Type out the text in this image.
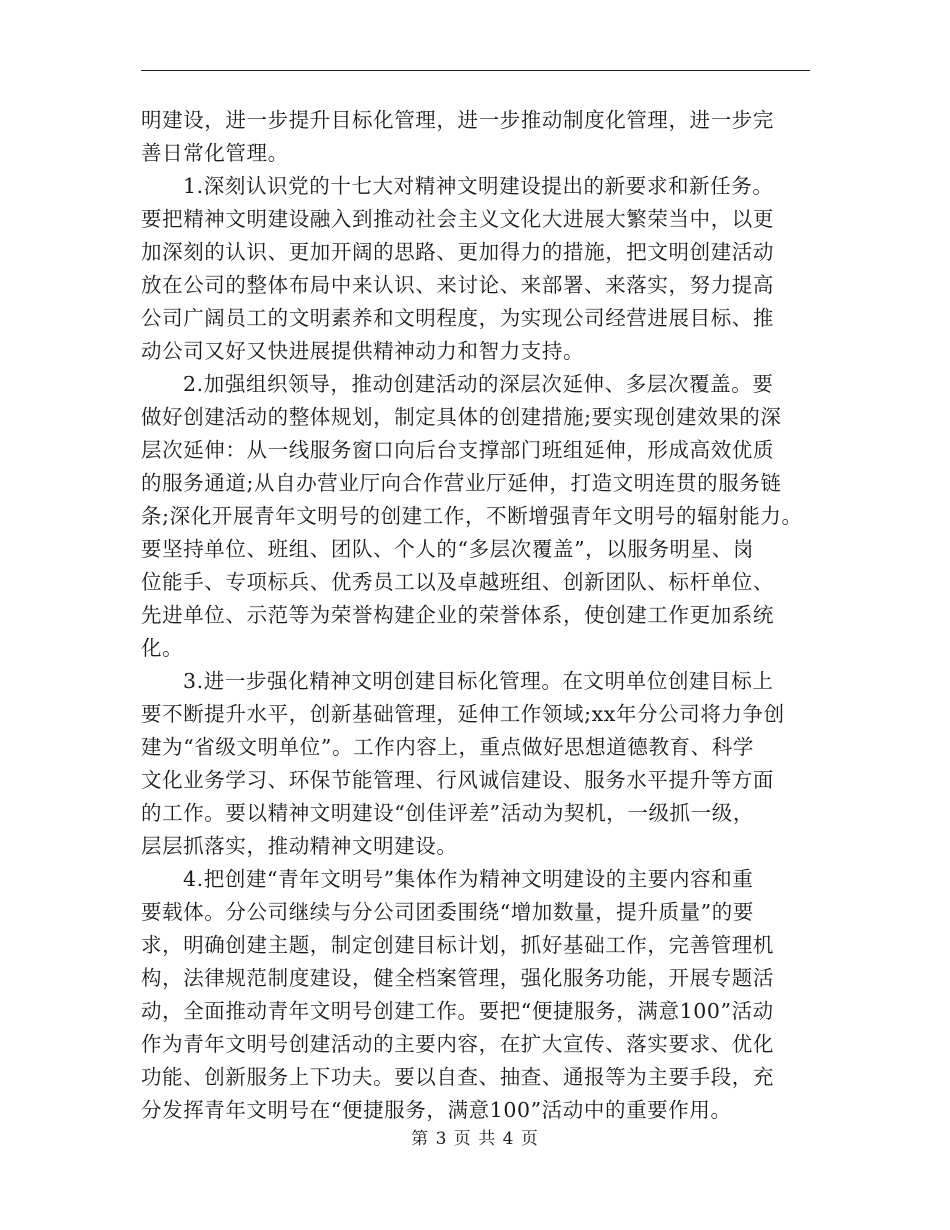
明建设，进一步提升目标化管理，进一步推动制度化管理，进一步完
善日常化管理。
1.深刻认识党的十七大对精神文明建设提出的新要求和新任务。
要把精神文明建设融入到推动社会主义文化大进展大繁荣当中，以更
加深刻的认识、更加开阔的思路、更加得力的措施，把文明创建活动
放在公司的整体布局中来认识、来讨论、来部署、来落实，努力提高
公司广阔员工的文明素养和文明程度，为实现公司经营进展目标、推
动公司又好又快进展提供精神动力和智力支持。
2.加强组织领导，推动创建活动的深层次延伸、多层次覆盖。要
做好创建活动的整体规划，制定具体的创建措施;要实现创建效果的深
层次延伸：从一线服务窗口向后台支撑部门班组延伸，形成高效优质
的服务通道;从自办营业厅向合作营业厅延伸，打造文明连贯的服务链
条;深化开展青年文明号的创建工作，不断增强青年文明号的辐射能力。
要坚持单位、班组、团队、个人的“多层次覆盖”，以服务明星、岗
位能手、专项标兵、优秀员工以及卓越班组、创新团队、标杆单位、
先进单位、示范等为荣誉构建企业的荣誉体系，使创建工作更加系统
化。
3.进一步强化精神文明创建目标化管理。在文明单位创建目标上
要不断提升水平，创新基础管理，延伸工作领域;xx年分公司将力争创
建为“省级文明单位”。工作内容上，重点做好思想道德教育、科学
文化业务学习、环保节能管理、行风诚信建设、服务水平提升等方面
的工作。要以精神文明建设“创佳评差”活动为契机，一级抓一级，
层层抓落实，推动精神文明建设。
4.把创建“青年文明号”集体作为精神文明建设的主要内容和重
要载体。分公司继续与分公司团委围绕“增加数量，提升质量”的要
求，明确创建主题，制定创建目标计划，抓好基础工作，完善管理机
构，法律规范制度建设，健全档案管理，强化服务功能，开展专题活
动，全面推动青年文明号创建工作。要把“便捷服务，满意100”活动
作为青年文明号创建活动的主要内容，在扩大宣传、落实要求、优化
功能、创新服务上下功夫。要以自查、抽查、通报等为主要手段，充
分发挥青年文明号在“便捷服务，满意100”活动中的重要作用。
第 3 页 共 4 页
